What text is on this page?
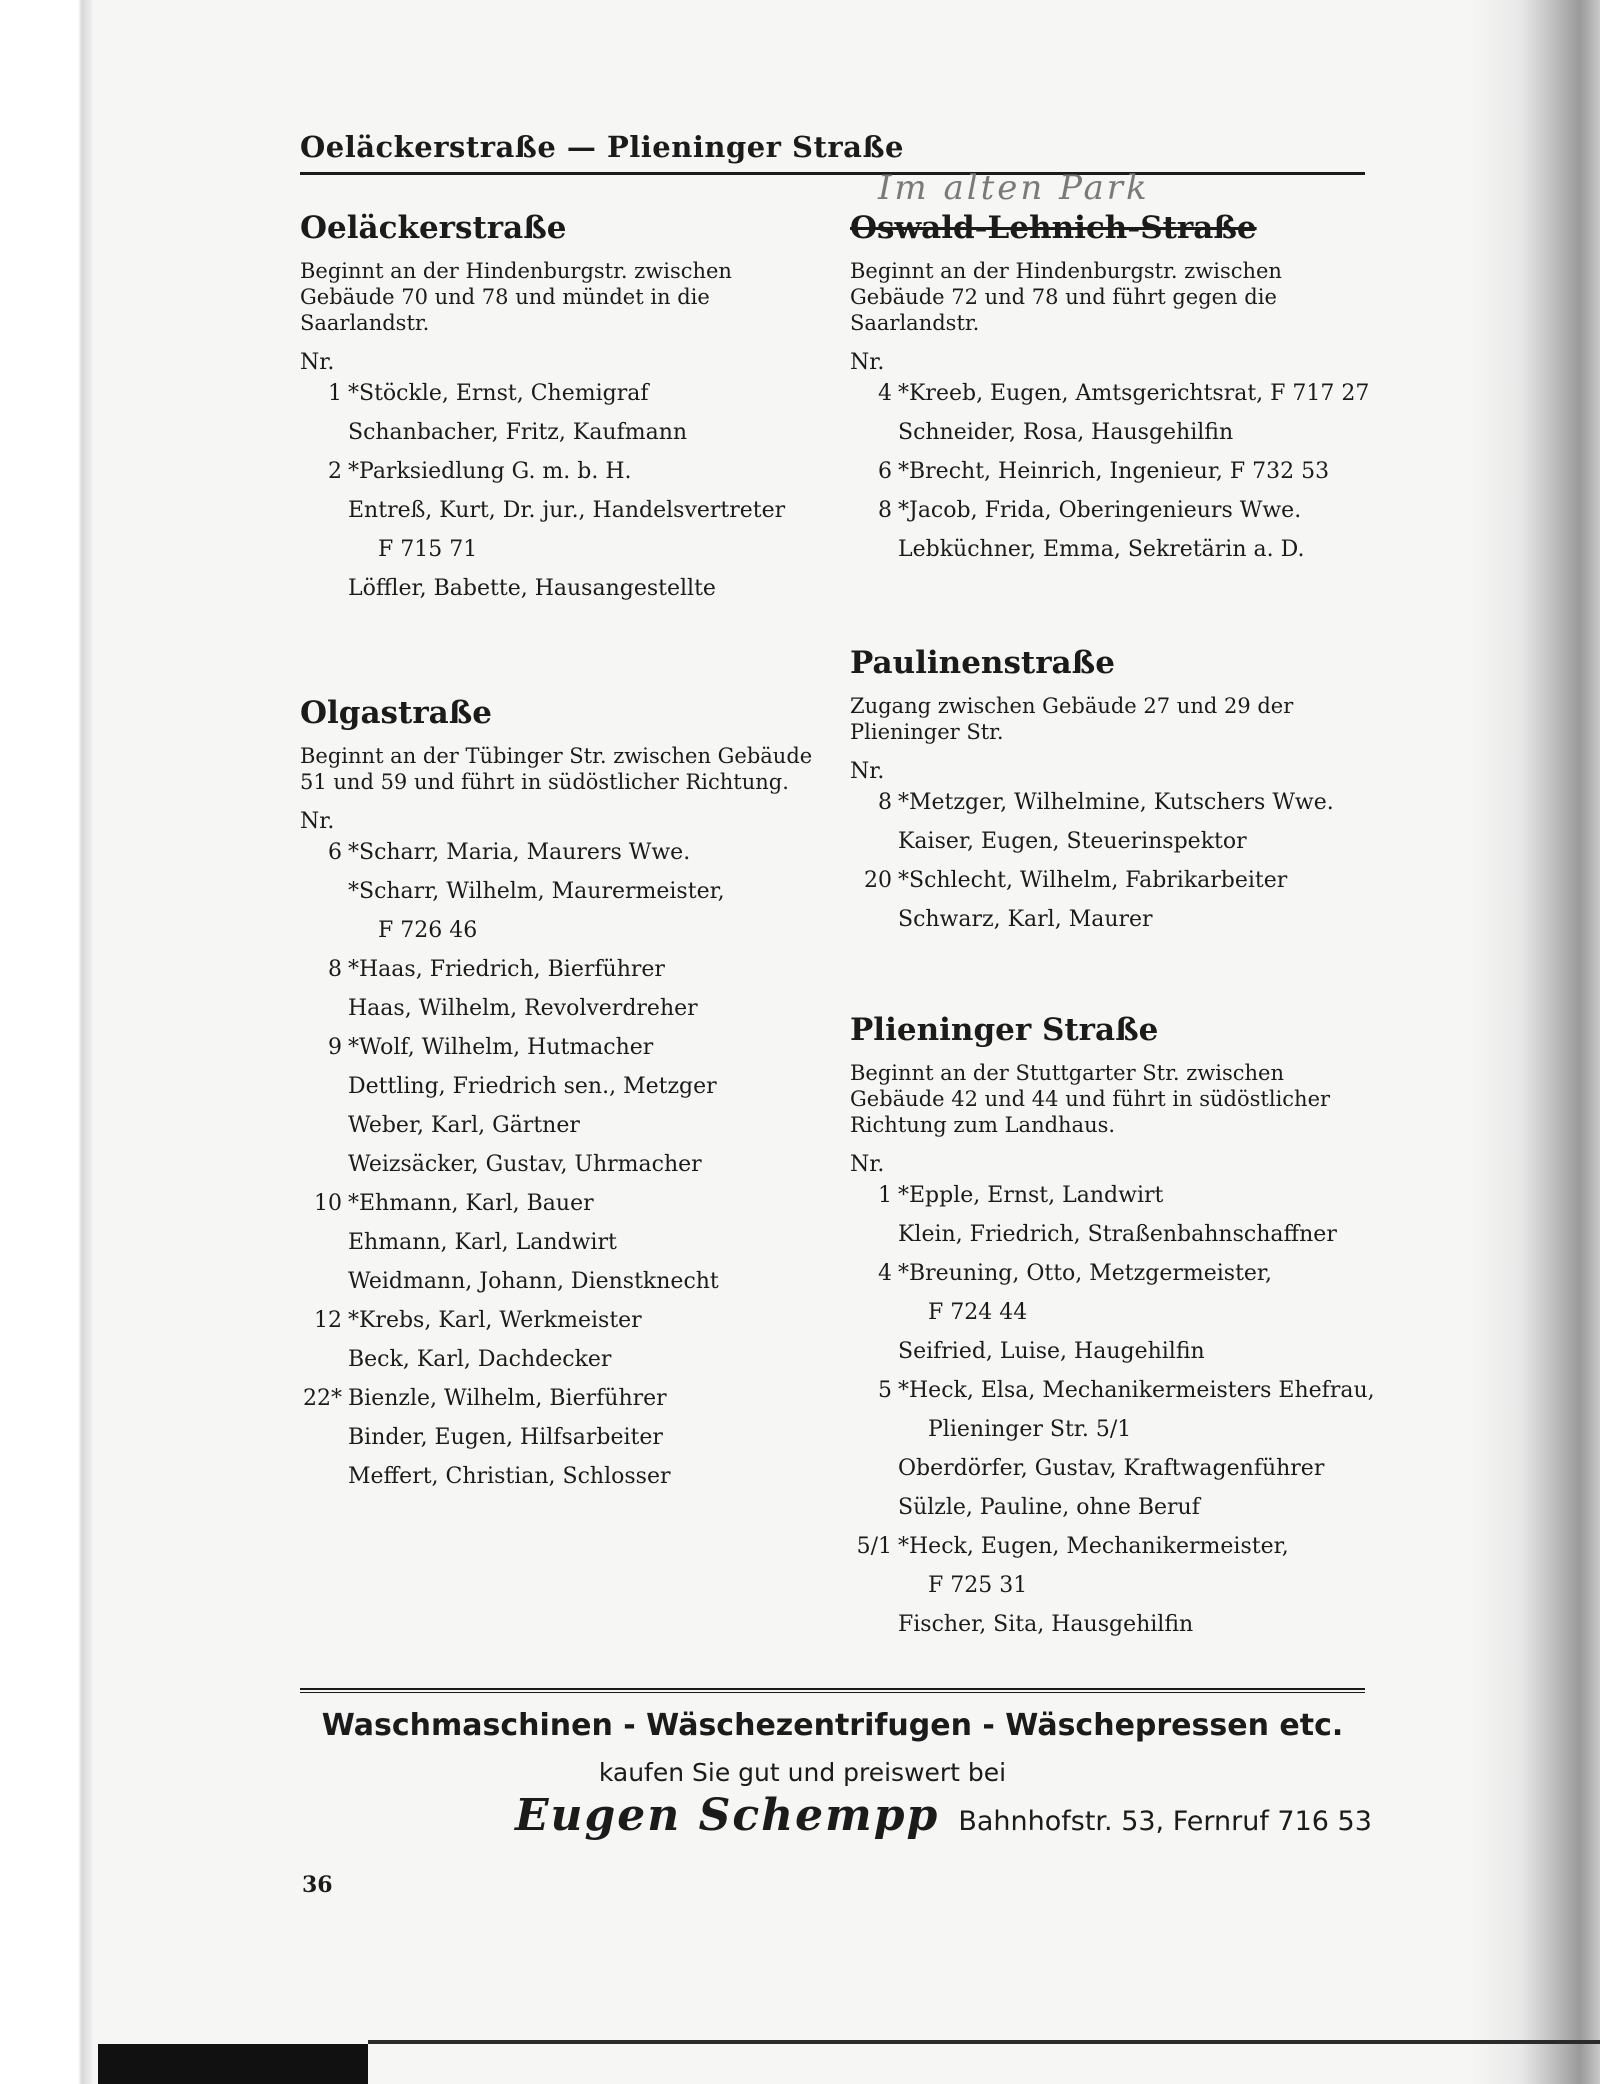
Oeläckerstraße — Plieninger Straße
Im alten Park
Oeläckerstraße
Beginnt an der Hindenburgstr. zwischen Gebäude 70 und 78 und mündet in die Saarlandstr.
Nr.
1 *Stöckle, Ernst, Chemigraf
Schanbacher, Fritz, Kaufmann
2 *Parksiedlung G. m. b. H.
Entreß, Kurt, Dr. jur., Handelsvertreter
F 715 71
Löffler, Babette, Hausangestellte
Olgastraße
Beginnt an der Tübinger Str. zwischen Gebäude 51 und 59 und führt in südöstlicher Richtung.
Nr.
6 *Scharr, Maria, Maurers Wwe.
*Scharr, Wilhelm, Maurermeister,
F 726 46
8 *Haas, Friedrich, Bierführer
Haas, Wilhelm, Revolverdreher
9 *Wolf, Wilhelm, Hutmacher
Dettling, Friedrich sen., Metzger
Weber, Karl, Gärtner
Weizsäcker, Gustav, Uhrmacher
10 *Ehmann, Karl, Bauer
Ehmann, Karl, Landwirt
Weidmann, Johann, Dienstknecht
12 *Krebs, Karl, Werkmeister
Beck, Karl, Dachdecker
22* Bienzle, Wilhelm, Bierführer
Binder, Eugen, Hilfsarbeiter
Meffert, Christian, Schlosser
Oswald-Lehnich-Straße
Beginnt an der Hindenburgstr. zwischen Gebäude 72 und 78 und führt gegen die Saarlandstr.
Nr.
4 *Kreeb, Eugen, Amtsgerichtsrat, F 717 27
Schneider, Rosa, Hausgehilfin
6 *Brecht, Heinrich, Ingenieur, F 732 53
8 *Jacob, Frida, Oberingenieurs Wwe.
Lebküchner, Emma, Sekretärin a. D.
Paulinenstraße
Zugang zwischen Gebäude 27 und 29 der Plieninger Str.
Nr.
8 *Metzger, Wilhelmine, Kutschers Wwe.
Kaiser, Eugen, Steuerinspektor
20 *Schlecht, Wilhelm, Fabrikarbeiter
Schwarz, Karl, Maurer
Plieninger Straße
Beginnt an der Stuttgarter Str. zwischen Gebäude 42 und 44 und führt in südöstlicher Richtung zum Landhaus.
Nr.
1 *Epple, Ernst, Landwirt
Klein, Friedrich, Straßenbahnschaffner
4 *Breuning, Otto, Metzgermeister,
F 724 44
Seifried, Luise, Haugehilfin
5 *Heck, Elsa, Mechanikermeisters Ehefrau,
Plieninger Str. 5/1
Oberdörfer, Gustav, Kraftwagenführer
Sülzle, Pauline, ohne Beruf
5/1 *Heck, Eugen, Mechanikermeister,
F 725 31
Fischer, Sita, Hausgehilfin
Waschmaschinen - Wäschezentrifugen - Wäschepressen etc.
kaufen Sie gut und preiswert bei
Eugen Schempp Bahnhofstr. 53, Fernruf 716 53
36
